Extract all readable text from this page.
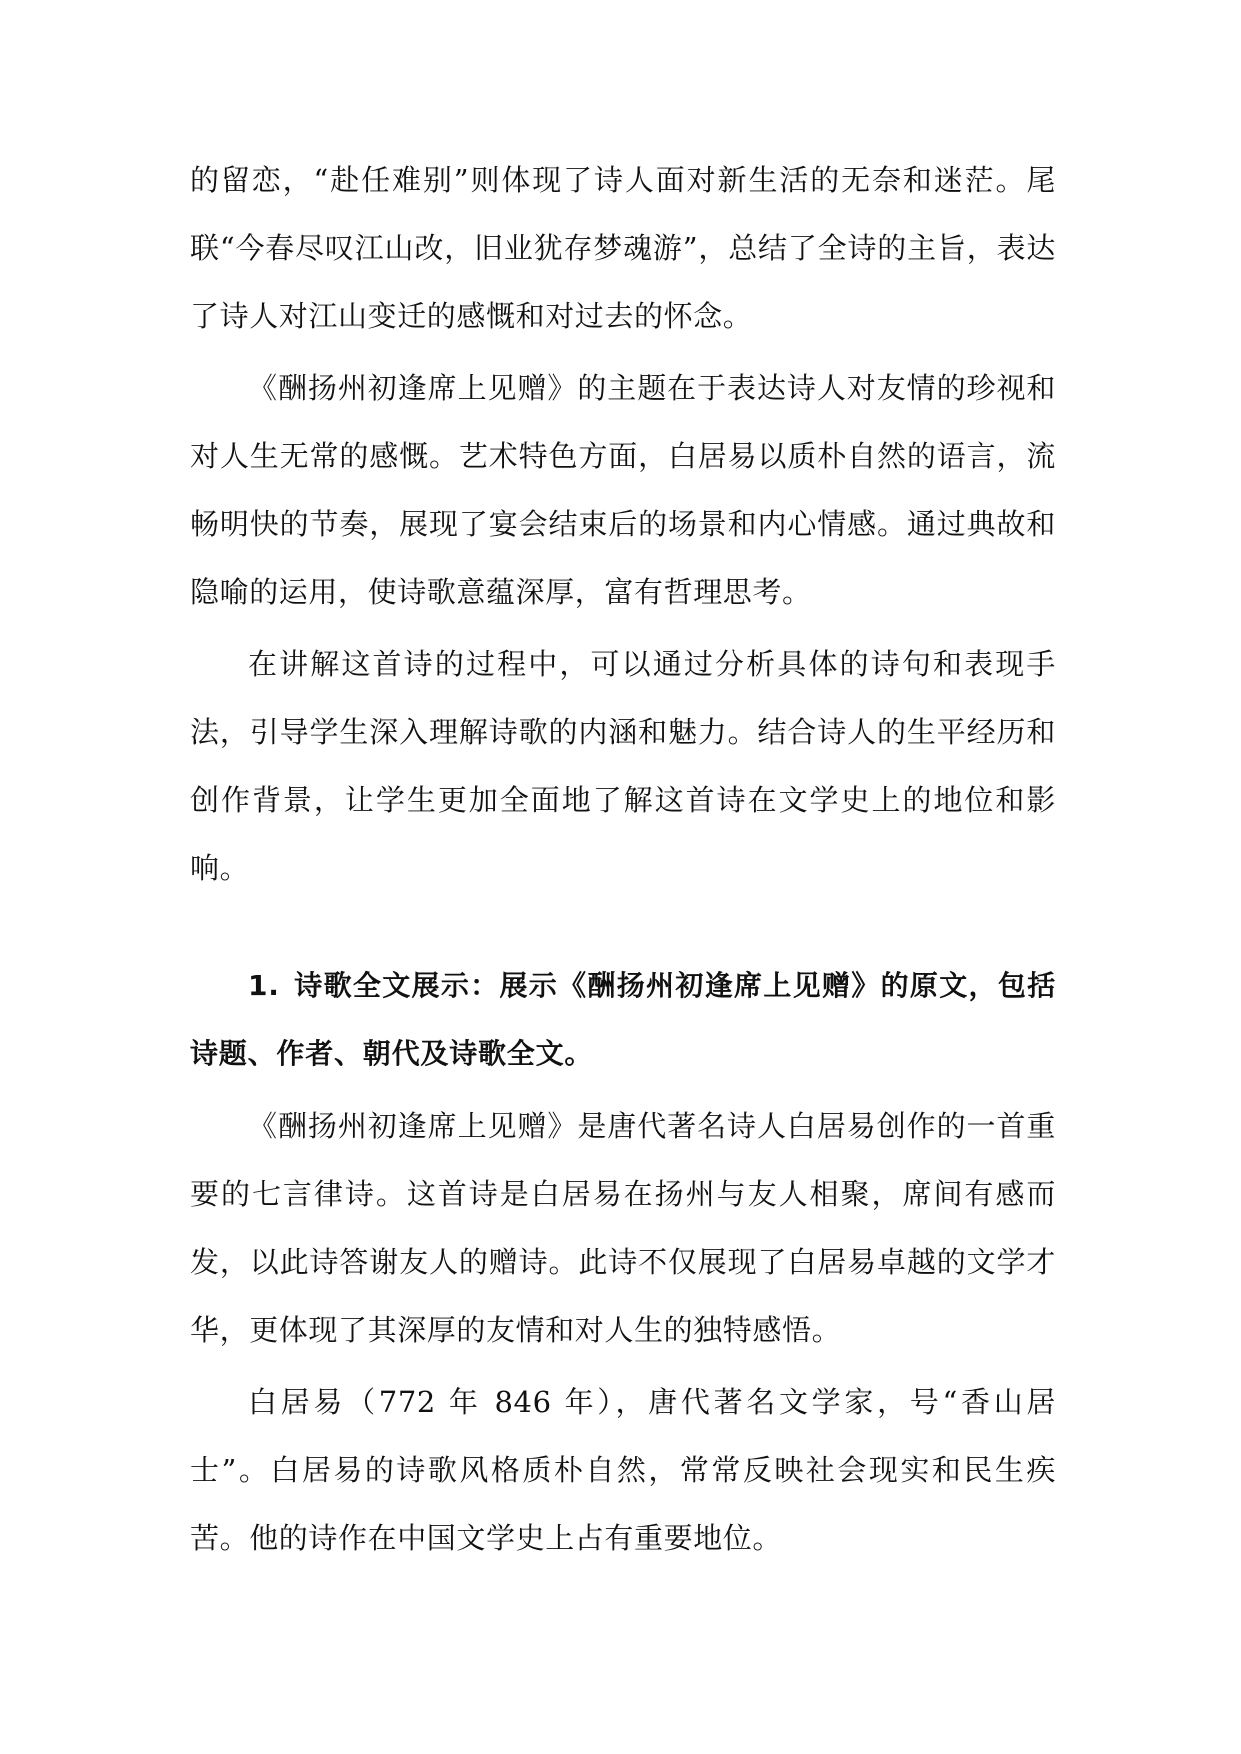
的留恋，“赴任难别”则体现了诗人面对新生活的无奈和迷茫。尾联“今春尽叹江山改，旧业犹存梦魂游”，总结了全诗的主旨，表达了诗人对江山变迁的感慨和对过去的怀念。

《酬扬州初逢席上见赠》的主题在于表达诗人对友情的珍视和对人生无常的感慨。艺术特色方面，白居易以质朴自然的语言，流畅明快的节奏，展现了宴会结束后的场景和内心情感。通过典故和隐喻的运用，使诗歌意蕴深厚，富有哲理思考。

在讲解这首诗的过程中，可以通过分析具体的诗句和表现手法，引导学生深入理解诗歌的内涵和魅力。结合诗人的生平经历和创作背景，让学生更加全面地了解这首诗在文学史上的地位和影响。

1. 诗歌全文展示：展示《酬扬州初逢席上见赠》的原文，包括诗题、作者、朝代及诗歌全文。

《酬扬州初逢席上见赠》是唐代著名诗人白居易创作的一首重要的七言律诗。这首诗是白居易在扬州与友人相聚，席间有感而发，以此诗答谢友人的赠诗。此诗不仅展现了白居易卓越的文学才华，更体现了其深厚的友情和对人生的独特感悟。

白居易（772 年 846 年），唐代著名文学家，号“香山居士”。白居易的诗歌风格质朴自然，常常反映社会现实和民生疾苦。他的诗作在中国文学史上占有重要地位。
